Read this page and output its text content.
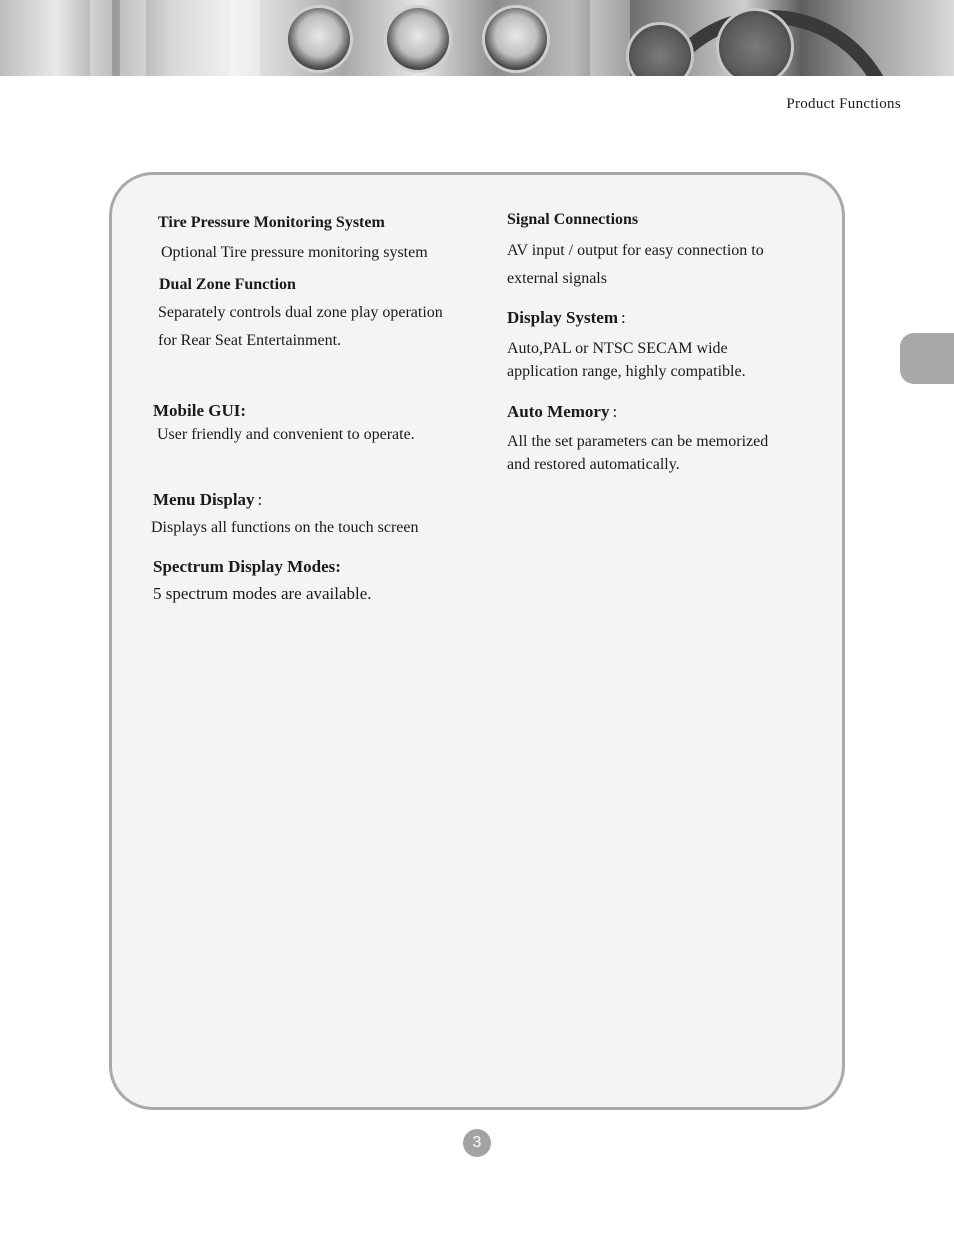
Product Functions
Tire Pressure Monitoring System
Optional Tire pressure monitoring system
Dual Zone Function
Separately controls dual zone play operation
for Rear Seat Entertainment.
Mobile GUI:
User friendly and convenient to operate.
Menu Display :
Displays all functions on the touch screen
Spectrum Display Modes:
5 spectrum modes are available.
Signal Connections
AV input / output for easy connection to
external signals
Display System :
Auto,PAL or NTSC SECAM wide
application range, highly compatible.
Auto Memory :
All the set parameters can be memorized
and restored automatically.
3
